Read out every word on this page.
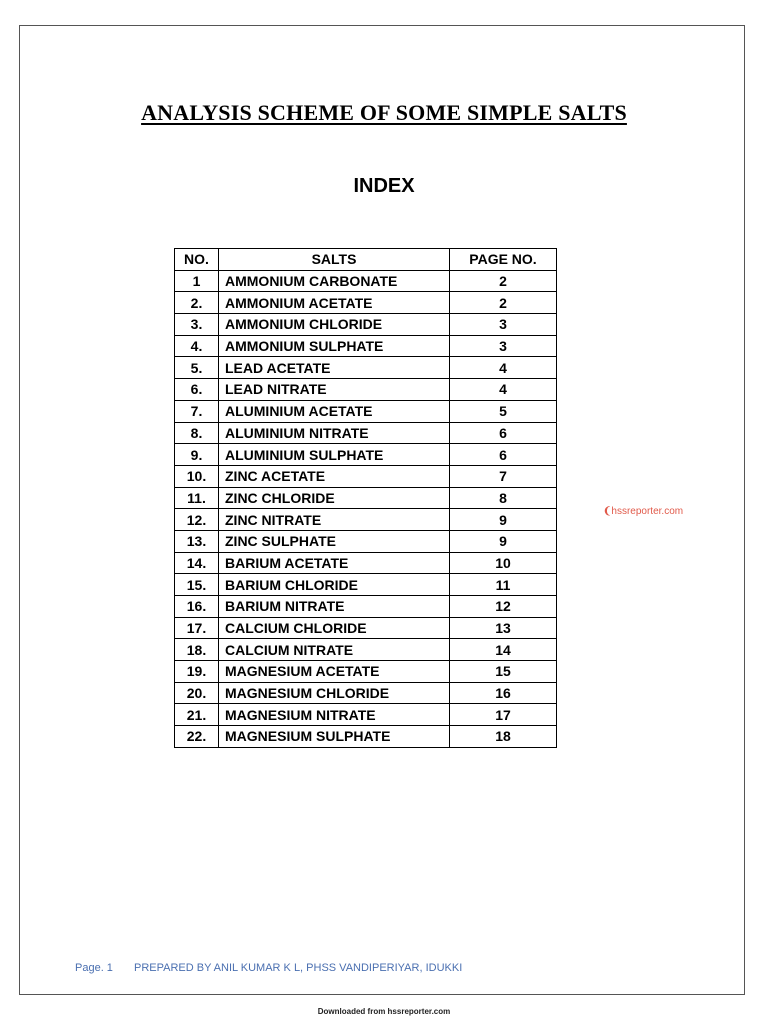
ANALYSIS SCHEME OF SOME SIMPLE SALTS
INDEX
NO.	SALTS	PAGE NO.
1	AMMONIUM CARBONATE	2
2.	AMMONIUM ACETATE	2
3.	AMMONIUM CHLORIDE	3
4.	AMMONIUM SULPHATE	3
5.	LEAD ACETATE	4
6.	LEAD NITRATE	4
7.	ALUMINIUM ACETATE	5
8.	ALUMINIUM NITRATE	6
9.	ALUMINIUM SULPHATE	6
10.	ZINC ACETATE	7
11.	ZINC CHLORIDE	8
12.	ZINC NITRATE	9
13.	ZINC SULPHATE	9
14.	BARIUM ACETATE	10
15.	BARIUM CHLORIDE	11
16.	BARIUM NITRATE	12
17.	CALCIUM CHLORIDE	13
18.	CALCIUM NITRATE	14
19.	MAGNESIUM ACETATE	15
20.	MAGNESIUM CHLORIDE	16
21.	MAGNESIUM NITRATE	17
22.	MAGNESIUM SULPHATE	18
❨hssreporter.com
Page. 1 PREPARED BY ANIL KUMAR K L, PHSS VANDIPERIYAR, IDUKKI
Downloaded from hssreporter.com
